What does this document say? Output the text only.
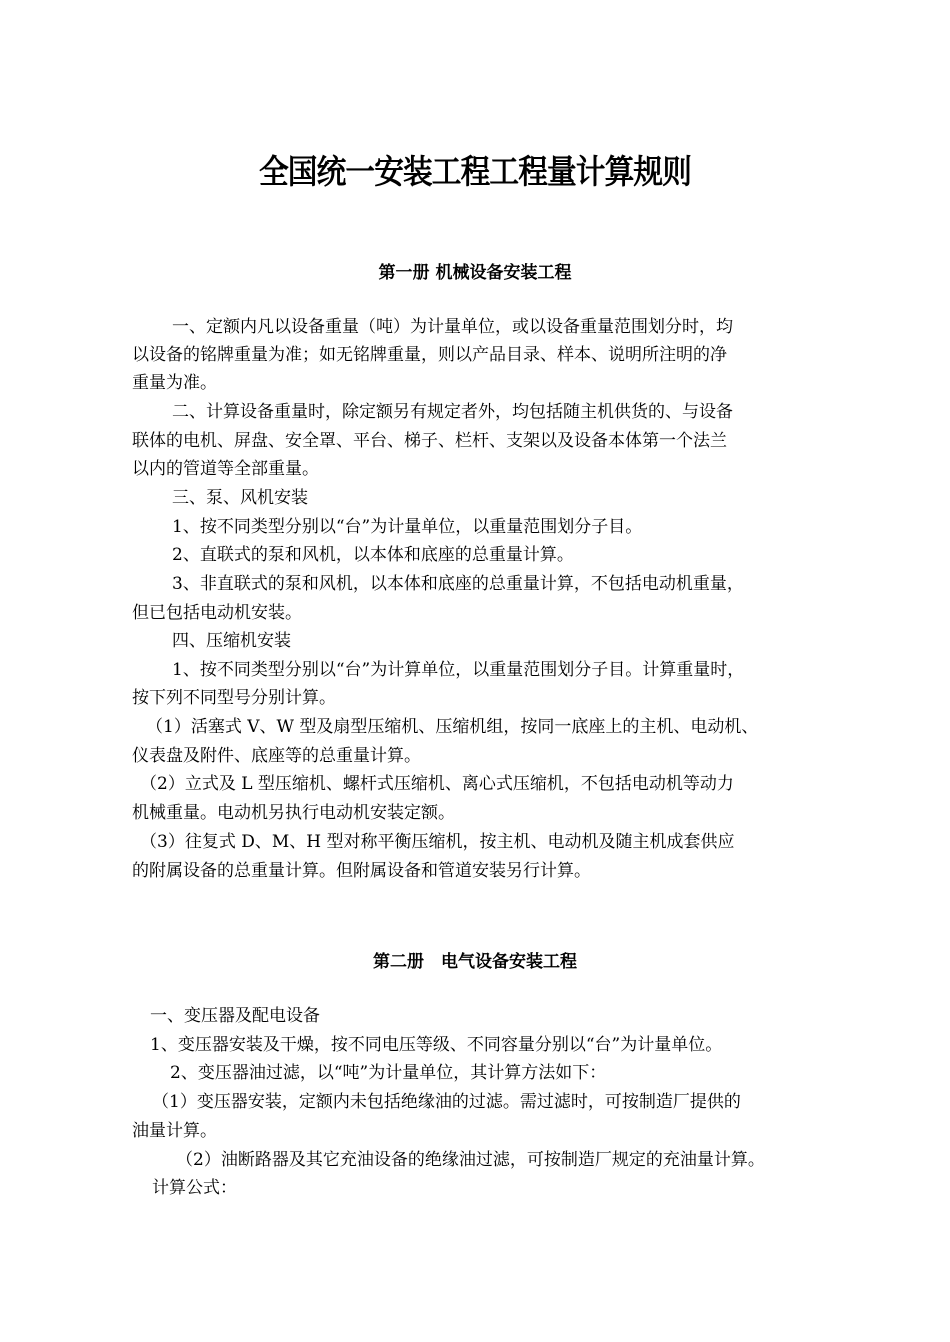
全国统一安装工程工程量计算规则
第一册 机械设备安装工程
一、定额内凡以设备重量（吨）为计量单位，或以设备重量范围划分时，均
以设备的铭牌重量为准；如无铭牌重量，则以产品目录、样本、说明所注明的净
重量为准。
二、计算设备重量时，除定额另有规定者外，均包括随主机供货的、与设备
联体的电机、屏盘、安全罩、平台、梯子、栏杆、支架以及设备本体第一个法兰
以内的管道等全部重量。
三、泵、风机安装
1、按不同类型分别以“台”为计量单位，以重量范围划分子目。
2、直联式的泵和风机，以本体和底座的总重量计算。
3、非直联式的泵和风机，以本体和底座的总重量计算，不包括电动机重量，
但已包括电动机安装。
四、压缩机安装
1、按不同类型分别以“台”为计算单位，以重量范围划分子目。计算重量时，
按下列不同型号分别计算。
（1）活塞式 V、W 型及扇型压缩机、压缩机组，按同一底座上的主机、电动机、
仪表盘及附件、底座等的总重量计算。
（2）立式及 L 型压缩机、螺杆式压缩机、离心式压缩机，不包括电动机等动力
机械重量。电动机另执行电动机安装定额。
（3）往复式 D、M、H 型对称平衡压缩机，按主机、电动机及随主机成套供应
的附属设备的总重量计算。但附属设备和管道安装另行计算。
第二册　电气设备安装工程
一、变压器及配电设备
1、变压器安装及干燥，按不同电压等级、不同容量分别以“台”为计量单位。
2、变压器油过滤，以“吨”为计量单位，其计算方法如下：
（1）变压器安装，定额内未包括绝缘油的过滤。需过滤时，可按制造厂提供的
油量计算。
（2）油断路器及其它充油设备的绝缘油过滤，可按制造厂规定的充油量计算。
计算公式：
